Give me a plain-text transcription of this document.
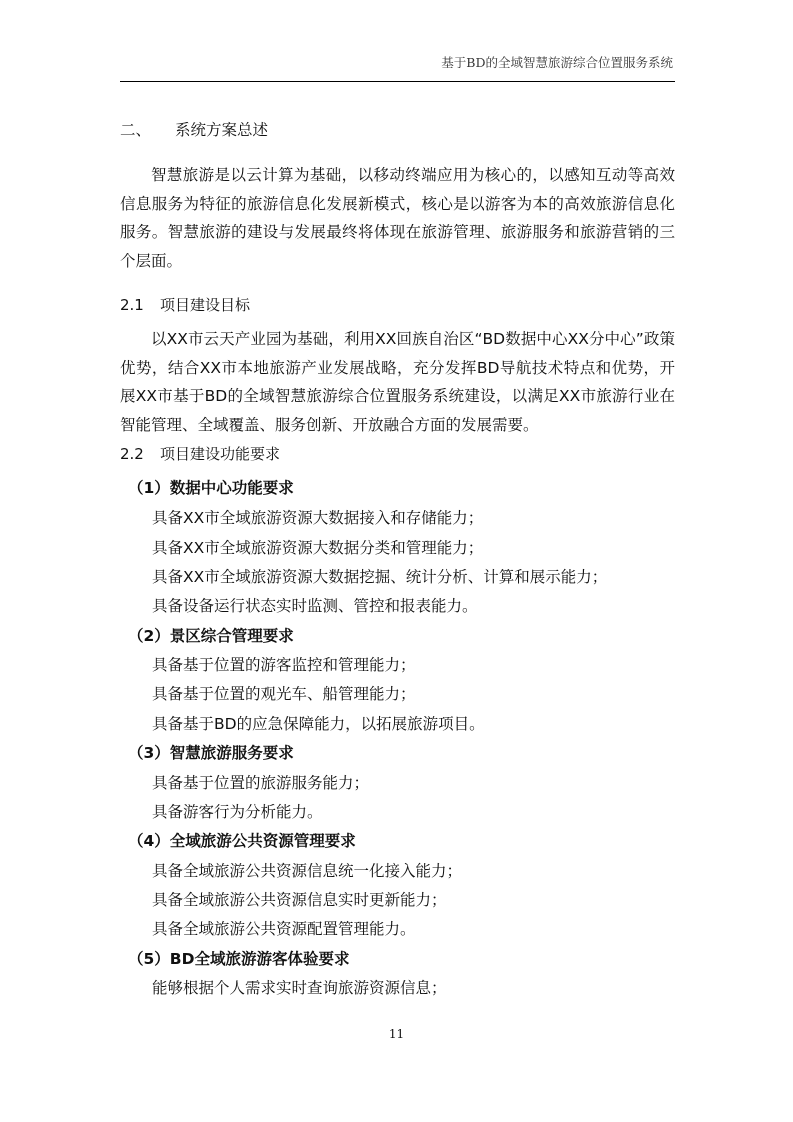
基于BD的全域智慧旅游综合位置服务系统
二、 系统方案总述
智慧旅游是以云计算为基础，以移动终端应用为核心的，以感知互动等高效信息服务为特征的旅游信息化发展新模式，核心是以游客为本的高效旅游信息化服务。智慧旅游的建设与发展最终将体现在旅游管理、旅游服务和旅游营销的三个层面。
2.1 项目建设目标
以XX市云天产业园为基础，利用XX回族自治区“BD数据中心XX分中心”政策优势，结合XX市本地旅游产业发展战略，充分发挥BD导航技术特点和优势，开展XX市基于BD的全域智慧旅游综合位置服务系统建设，以满足XX市旅游行业在智能管理、全域覆盖、服务创新、开放融合方面的发展需要。
2.2 项目建设功能要求
（1）数据中心功能要求
具备XX市全域旅游资源大数据接入和存储能力；
具备XX市全域旅游资源大数据分类和管理能力；
具备XX市全域旅游资源大数据挖掘、统计分析、计算和展示能力；
具备设备运行状态实时监测、管控和报表能力。
（2）景区综合管理要求
具备基于位置的游客监控和管理能力；
具备基于位置的观光车、船管理能力；
具备基于BD的应急保障能力，以拓展旅游项目。
（3）智慧旅游服务要求
具备基于位置的旅游服务能力；
具备游客行为分析能力。
（4）全域旅游公共资源管理要求
具备全域旅游公共资源信息统一化接入能力；
具备全域旅游公共资源信息实时更新能力；
具备全域旅游公共资源配置管理能力。
（5）BD全域旅游游客体验要求
能够根据个人需求实时查询旅游资源信息；
11
